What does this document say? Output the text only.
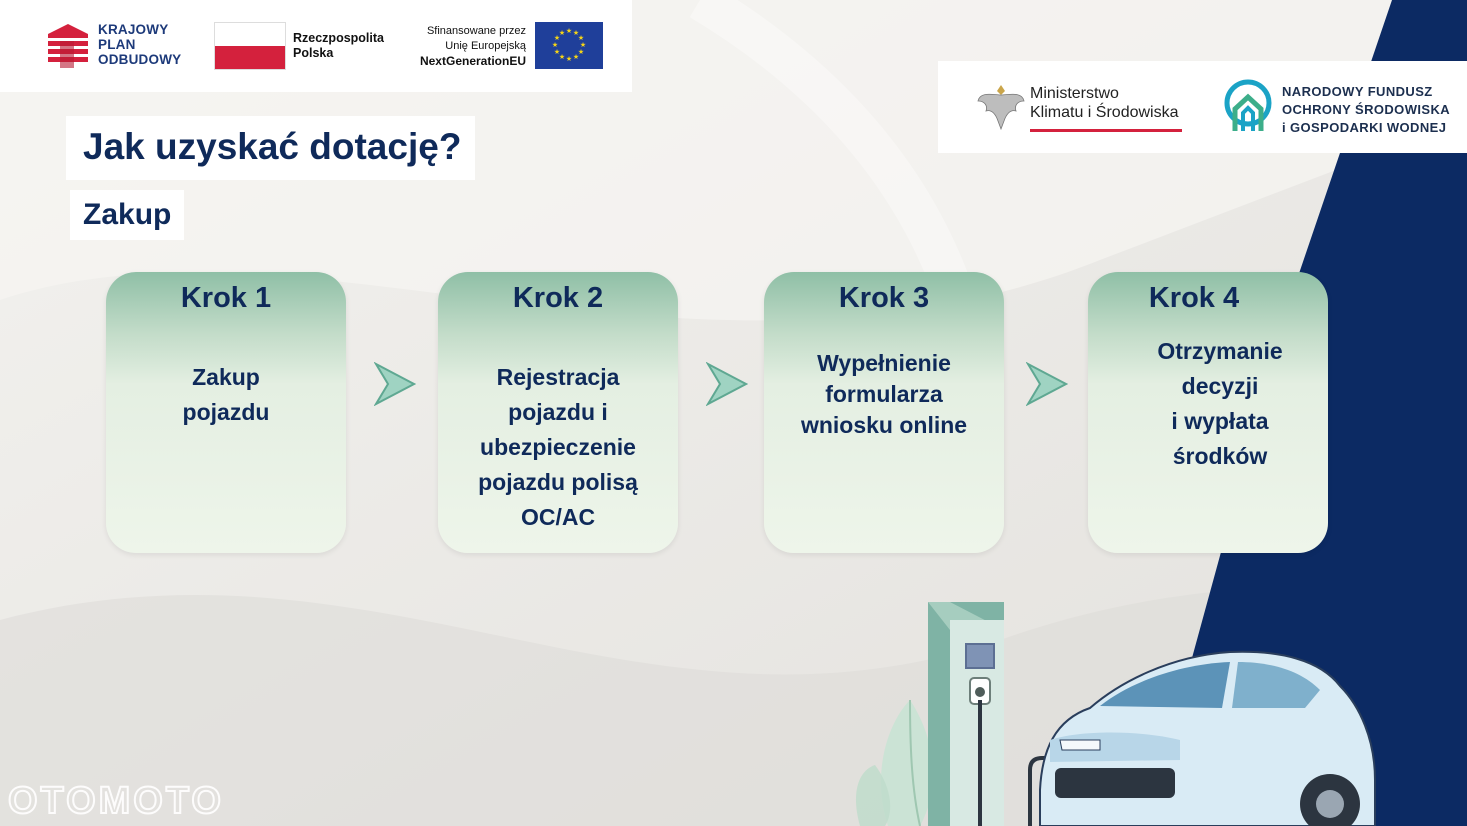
KRAJOWY
PLAN
ODBUDOWY
Rzeczpospolita
Polska
Sfinansowane przez
Unię Europejską
NextGenerationEU
★ ★
★
★
★
★
★
★
★
★
★
★
Ministerstwo
Klimatu i Środowiska
NARODOWY FUNDUSZ
OCHRONY ŚRODOWISKA
i GOSPODARKI WODNEJ
Jak uzyskać dotację?
Zakup
Krok 1
Zakup
pojazdu
Krok 2
Rejestracja
pojazdu i
ubezpieczenie
pojazdu polisą
OC/AC
Krok 3
Wypełnienie
formularza
wniosku online
Krok 4
Otrzymanie
decyzji
i wypłata
środków
OTOMOTO
